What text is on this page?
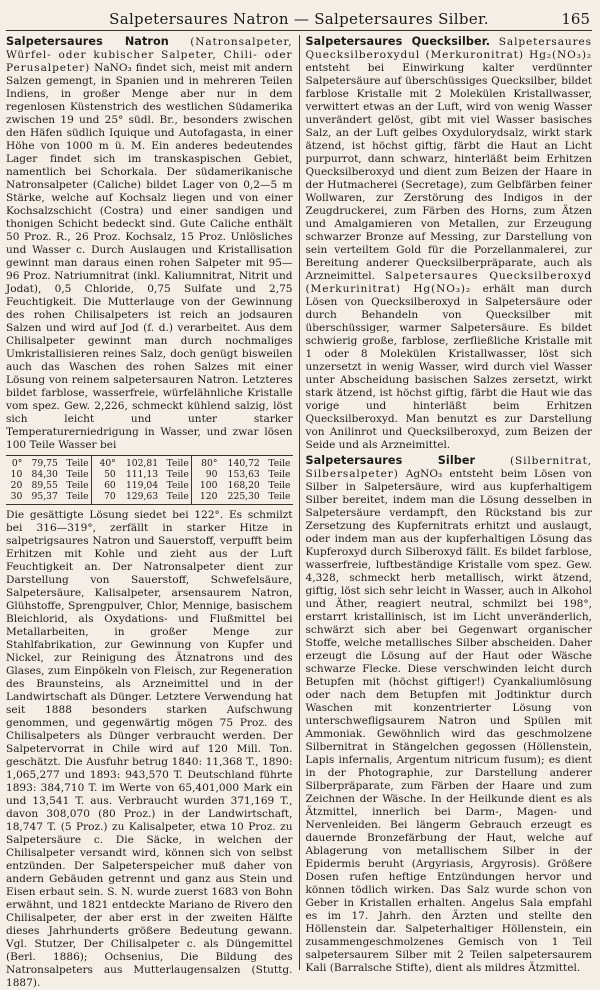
Salpetersaures Natron — Salpetersaures Silber.	165

Salpetersaures Natron (Natronsalpeter, Würfel- oder kubischer Salpeter, Chili- oder Perusalpeter) NaNO₃ findet sich, meist mit andern Salzen gemengt, in Spanien und in mehreren Teilen Indiens, in großer Menge aber nur in dem regenlosen Küstenstrich des westlichen Südamerika zwischen 19 und 25° südl. Br., besonders zwischen den Häfen südlich Iquique und Autofagasta, in einer Höhe von 1000 m ü. M. Ein anderes bedeutendes Lager findet sich im transkaspischen Gebiet, namentlich bei Schorkala. Der südamerikanische Natronsalpeter (Caliche) bildet Lager von 0,2—5 m Stärke, welche auf Kochsalz liegen und von einer Kochsalzschicht (Costra) und einer sandigen und thonigen Schicht bedeckt sind. Gute Caliche enthält 50 Proz. R., 26 Proz. Kochsalz, 15 Proz. Unlösliches und Wasser c. Durch Auslaugen und Kristallisation gewinnt man daraus einen rohen Salpeter mit 95—96 Proz. Natriumnitrat (inkl. Kaliumnitrat, Nitrit und Jodat), 0,5 Chloride, 0,75 Sulfate und 2,75 Feuchtigkeit. Die Mutterlauge von der Gewinnung des rohen Chilisalpeters ist reich an jodsauren Salzen und wird auf Jod (f. d.) verarbeitet. Aus dem Chilisalpeter gewinnt man durch nochmaliges Umkristallisieren reines Salz, doch genügt bisweilen auch das Waschen des rohen Salzes mit einer Lösung von reinem salpetersauren Natron. Letzteres bildet farblose, wasserfreie, würfelähnliche Kristalle vom spez. Gew. 2,226, schmeckt kühlend salzig, löst sich leicht und unter starker Temperaturerniedrigung in Wasser, und zwar lösen 100 Teile Wasser bei

0°	79,75	Teile	40°	102,81	Teile	80°	140,72	Teile
10	84,30	Teile	50	111,13	Teile	90	153,63	Teile
20	89,55	Teile	60	119,04	Teile	100	168,20	Teile
30	95,37	Teile	70	129,63	Teile	120	225,30	Teile

Die gesättigte Lösung siedet bei 122°. Es schmilzt bei 316—319°, zerfällt in starker Hitze in salpetrigsaures Natron und Sauerstoff, verpufft beim Erhitzen mit Kohle und zieht aus der Luft Feuchtigkeit an. Der Natronsalpeter dient zur Darstellung von Sauerstoff, Schwefelsäure, Salpetersäure, Kalisalpeter, arsensaurem Natron, Glühstoffe, Sprengpulver, Chlor, Mennige, basischem Bleichlorid, als Oxydations- und Flußmittel bei Metallarbeiten, in großer Menge zur Stahlfabrikation, zur Gewinnung von Kupfer und Nickel, zur Reinigung des Ätznatrons und des Glases, zum Einpökeln von Fleisch, zur Regeneration des Braunsteins, als Arzneimittel und in der Landwirtschaft als Dünger. Letztere Verwendung hat seit 1888 besonders starken Aufschwung genommen, und gegenwärtig mögen 75 Proz. des Chilisalpeters als Dünger verbraucht werden. Der Salpetervorrat in Chile wird auf 120 Mill. Ton. geschätzt. Die Ausfuhr betrug 1840: 11,368 T., 1890: 1,065,277 und 1893: 943,570 T. Deutschland führte 1893: 384,710 T. im Werte von 65,401,000 Mark ein und 13,541 T. aus. Verbraucht wurden 371,169 T., davon 308,070 (80 Proz.) in der Landwirtschaft, 18,747 T. (5 Proz.) zu Kalisalpeter, etwa 10 Proz. zu Salpetersäure c. Die Säcke, in welchen der Chilisalpeter versandt wird, können sich von selbst entzünden. Der Salpeterspeicher muß daher von andern Gebäuden getrennt und ganz aus Stein und Eisen erbaut sein. S. N. wurde zuerst 1683 von Bohn erwähnt, und 1821 entdeckte Mariano de Rivero den Chilisalpeter, der aber erst in der zweiten Hälfte dieses Jahrhunderts größere Bedeutung gewann. Vgl. Stutzer, Der Chilisalpeter c. als Düngemittel (Berl. 1886); Ochsenius, Die Bildung des Natronsalpeters aus Mutterlaugensalzen (Stuttg. 1887).

Salpetersaures Quecksilber. Salpetersaures Quecksilberoxydul (Merkuronitrat) Hg₂(NO₃)₂ entsteht bei Einwirkung kalter verdünnter Salpetersäure auf überschüssiges Quecksilber, bildet farblose Kristalle mit 2 Molekülen Kristallwasser, verwittert etwas an der Luft, wird von wenig Wasser unverändert gelöst, gibt mit viel Wasser basisches Salz, an der Luft gelbes Oxydulorydsalz, wirkt stark ätzend, ist höchst giftig, färbt die Haut an Licht purpurrot, dann schwarz, hinterläßt beim Erhitzen Quecksilberoxyd und dient zum Beizen der Haare in der Hutmacherei (Secretage), zum Gelbfärben feiner Wollwaren, zur Zerstörung des Indigos in der Zeugdruckerei, zum Färben des Horns, zum Ätzen und Amalgamieren von Metallen, zur Erzeugung schwarzer Bronze auf Messing, zur Darstellung von sein verteiltem Gold für die Porzellanmalerei, zur Bereitung anderer Quecksilberpräparate, auch als Arzneimittel. Salpetersaures Quecksilberoxyd (Merkurinitrat) Hg(NO₃)₂ erhält man durch Lösen von Quecksilberoxyd in Salpetersäure oder durch Behandeln von Quecksilber mit überschüssiger, warmer Salpetersäure. Es bildet schwierig große, farblose, zerfließliche Kristalle mit 1 oder 8 Molekülen Kristallwasser, löst sich unzersetzt in wenig Wasser, wird durch viel Wasser unter Abscheidung basischen Salzes zersetzt, wirkt stark ätzend, ist höchst giftig, färbt die Haut wie das vorige und hinterläßt beim Erhitzen Quecksilberoxyd. Man benutzt es zur Darstellung von Anilinrot und Quecksilberoxyd, zum Beizen der Seide und als Arzneimittel.

Salpetersaures Silber	(Silbernitrat, Silbersalpeter) AgNO₃ entsteht beim Lösen von Silber in Salpetersäure, wird aus kupferhaltigem Silber bereitet, indem man die Lösung desselben in Salpetersäure verdampft, den Rückstand bis zur Zersetzung des Kupfernitrats erhitzt und auslaugt, oder indem man aus der kupferhaltigen Lösung das Kupferoxyd durch Silberoxyd fällt. Es bildet farblose, wasserfreie, luftbeständige Kristalle vom spez. Gew. 4,328, schmeckt herb metallisch, wirkt ätzend, giftig, löst sich sehr leicht in Wasser, auch in Alkohol und Äther, reagiert neutral, schmilzt bei 198°, erstarrt kristallinisch, ist im Licht unveränderlich, schwärzt sich aber bei Gegenwart organischer Stoffe, welche metallisches Silber abscheiden. Daher erzeugt die Lösung auf der Haut oder Wäsche schwarze Flecke. Diese verschwinden leicht durch Betupfen mit (höchst giftiger!) Cyankaliumlösung oder nach dem Betupfen mit Jodtinktur durch Waschen mit konzentrierter Lösung von unterschwefligsaurem Natron und Spülen mit Ammoniak. Gewöhnlich wird das geschmolzene Silbernitrat in Stängelchen gegossen (Höllenstein, Lapis infernalis, Argentum nitricum fusum); es dient in der Photographie, zur Darstellung anderer Silberpräparate, zum Färben der Haare und zum Zeichnen der Wäsche. In der Heilkunde dient es als Ätzmittel, innerlich bei Darm-, Magen- und Nervenleiden. Bei längerm Gebrauch erzeugt es dauernde Bronzefärbung der Haut, welche auf Ablagerung von metallischem Silber in der Epidermis beruht (Argyriasis, Argyrosis). Größere Dosen rufen heftige Entzündungen hervor und können tödlich wirken. Das Salz wurde schon von Geber in Kristallen erhalten. Angelus Sala empfahl es im 17. Jahrh. den Ärzten und stellte den Höllenstein dar. Salpeterhaltiger Höllenstein, ein zusammengeschmolzenes Gemisch von 1 Teil salpetersaurem Silber mit 2 Teilen salpetersaurem Kali (Barralsche Stifte), dient als mildres Ätzmittel.
